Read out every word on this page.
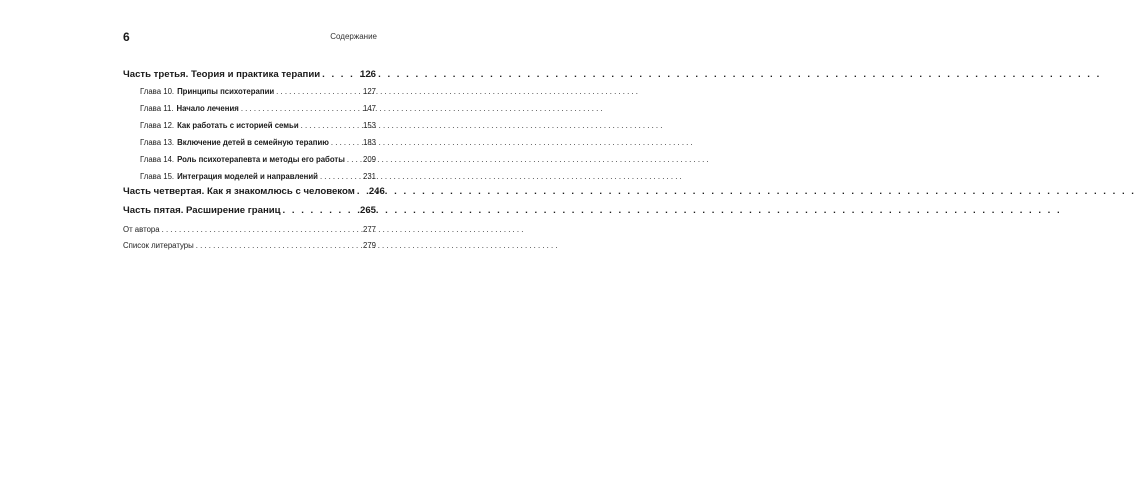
6	Содержание
Часть третья. Теория и практика терапии . . .	126
Глава 10. Принципы психотерапии . . .	127
Глава 11. Начало лечения . . .	147
Глава 12. Как работать с историей семьи . . .	153
Глава 13. Включение детей в семейную терапию . . .	183
Глава 14. Роль психотерапевта и методы его работы . . . 209
Глава 15. Интеграция моделей и направлений . . .	231
Часть четвертая. Как я знакомлюсь с человеком . . . 246
Часть пятая. Расширение границ . . .	265
От автора . . .	277
Список литературы . . .	279
